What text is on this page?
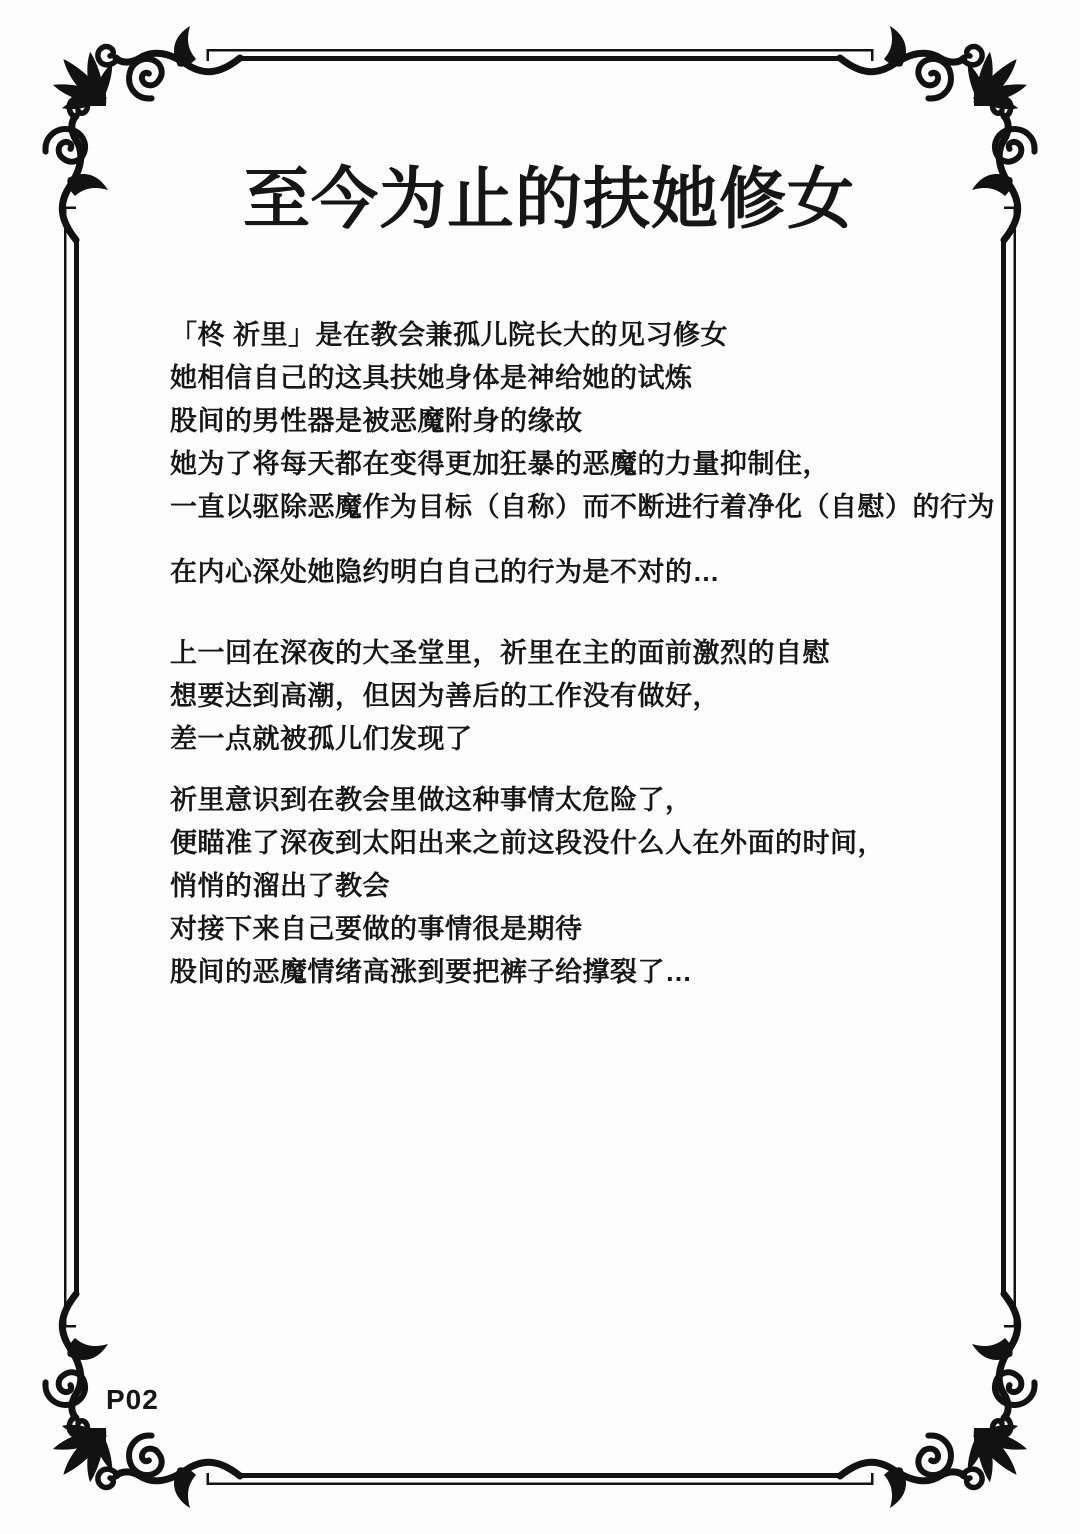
至今为止的扶她修女
「柊 祈里」是在教会兼孤儿院长大的见习修女
她相信自己的这具扶她身体是神给她的试炼
股间的男性器是被恶魔附身的缘故
她为了将每天都在变得更加狂暴的恶魔的力量抑制住，
一直以驱除恶魔作为目标（自称）而不断进行着净化（自慰）的行为
在内心深处她隐约明白自己的行为是不对的…
上一回在深夜的大圣堂里，祈里在主的面前激烈的自慰
想要达到高潮，但因为善后的工作没有做好，
差一点就被孤儿们发现了
祈里意识到在教会里做这种事情太危险了，
便瞄准了深夜到太阳出来之前这段没什么人在外面的时间，
悄悄的溜出了教会
对接下来自己要做的事情很是期待
股间的恶魔情绪高涨到要把裤子给撑裂了…
P02
